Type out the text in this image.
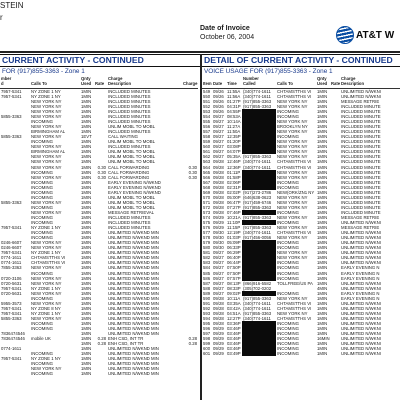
STEIN
r
Date of Invoice
October 06, 2004	AT&T W
CURRENT ACTIVITY - CONTINUED
FOR (917)855-3363 - Zone 1
mber
d	Calls To	Qnty
Used	Rate	Charge
Description	Charge
7957-5341	NY ZONE 1 NY	1MIN		INCLUDED MINUTES	
7957-5341	NY ZONE 1 NY	1MIN		INCLUDED MINUTES	
	NEW YORK NY	1MIN		INCLUDED MINUTES	
	NEW YORK NY	1MIN		INCLUDED MINUTES	
	NEW YORK NY	1MIN		INCLUDED MINUTES	
5855-3363	NEW YORK NY	1MIN		INCLUDED MINUTES	
	INCOMING	1MIN		INCLUDED MINUTES	
	NEW YORK NY	1MIN		UNLIM MOBL TO MOBL	
	BIRMINGHAM AL	1MIN		INCLUDED MINUTES	
5855-3363	NEW YORK NY	1EVT		CALL WAITING	
	INCOMING	1MIN		UNLIM MOBL TO MOBL	
	NEW YORK NY	1MIN		INCLUDED MINUTES	
	BIRMINGHAM AL	1MIN		UNLIM MOBL TO MOBL	
	NEW YORK NY	1MIN		UNLIM MOBL TO MOBL	
	NEW YORK NY	1MIN		UNLIM MOBL TO MOBL	
	NEW YORK NY	1MIN	0.30	CALL FORWARDING	0.30
	INCOMING	1MIN	0.30	CALL FORWARDING	0.30
	NEW YORK NY	1MIN	0.30	CALL FORWARDING	0.30
	INCOMING	1MIN		EARLY EVENING N/WKND	
	INCOMING	1MIN		EARLY EVENING N/WKND	
	INCOMING	1MIN		EARLY EVENING N/WKND	
	INCOMING	1MIN		UNLIM MOBL TO MOBL	
5855-3363	NEW YORK NY	1MIN		UNLIM MOBL TO MOBL	
	INCOMING	1MIN		UNLIM MOBL TO MOBL	
	NEW YORK NY	1MIN		MESSAGE RETRIEVAL	
	INCOMING	1MIN		INCLUDED MINUTES	
	INCOMING	1MIN		INCLUDED MINUTES	
7957-5341	NY ZONE 1 NY	1MIN		INCLUDED MINUTES	
	INCOMING	1MIN		UNLIMITED N/WKND MIN	
	INCOMING	1MIN		UNLIMITED N/WKND MIN	
0246-6607	NEW YORK NY	1MIN		UNLIMITED N/WKND MIN	
0246-6607	NEW YORK NY	1MIN		UNLIMITED N/WKND MIN	
7957-5341	NY ZONE 1 NY	1MIN		UNLIMITED N/WKND MIN	
0774-1611	CHTAMSTTHS VI	1MIN		UNLIMITED N/WKND MIN	
0774-1611	CHTAMSTTHS VI	1MIN		UNLIMITED N/WKND MIN	
7855-3363	NEW YORK NY	1MIN		UNLIMITED N/WKND MIN	
	INCOMING	1MIN		UNLIMITED N/WKND MIN	
0720-3106	NEW YORK NY	1MIN		UNLIMITED N/WKND MIN	
0720-5631	NEW YORK NY	1MIN		UNLIMITED N/WKND MIN	
7957-5341	NY ZONE 1 NY	1MIN		UNLIMITED N/WKND MIN	
0720-5631	NEW YORK NY	1MIN		UNLIMITED N/WKND MIN	
	INCOMING	1MIN		UNLIMITED N/WKND MIN	
5955-3573	NEW YORK NY	1MIN		UNLIMITED N/WKND MIN	
7957-5341	NY ZONE 8 NY	1MIN		UNLIMITED N/WKND MIN	
7957-5341	NY ZONE 1 NY	1MIN		UNLIMITED N/WKND MIN	
5855-3363	NEW YORK NY	1MIN		UNLIMITED N/WKND MIN	
	INCOMING	1MIN		UNLIMITED N/WKND MIN	
	INCOMING	1MIN		UNLIMITED N/WKND MIN	
7836474546		1MIN		UNLIMITED N/WKND MIN	
7836474546	mobile UK	1MIN	0.28	ENH CSD, INT TR	0.28
		1MIN	0.28	ENH CSD, INT TR	0.28
0774-1611		1MIN		UNLIMITED N/WKND MIN	
	INCOMING	1MIN		UNLIMITED N/WKND MIN	
7957-5341	NY ZONE 1 NY	1MIN		UNLIMITED N/WKND MIN	
	INCOMING	1MIN		UNLIMITED N/WKND MIN	
	NEW YORK NY	1MIN		UNLIMITED N/WKND MIN	
	INCOMING	1MIN		UNLIMITED N/WKND MIN	
DETAIL OF CURRENT ACTIVITY - CONTINUED
VOICE USAGE FOR (917)855-3363 - Zone 1
Item	Date	Time	Number
Called	Calls To	Qnty
Used	Rate	Charge
Description
549	09/26	11:55A	(340)774-1611	CHTAMSTTHS VI	1MIN		UNLIMITED N/WKNI
550	09/26	11:56A	(340)774-1611	CHTAMSTTHS VI	1MIN		UNLIMITED N/WKNI
551	09/26	01:27P	(917)855-3363	NEW YORK NY	1MIN		MESSAGE RETRIE
552	09/26	04:31P	(917)855-3363	NEW YORK NY	1MIN		INCLUDED MINUTE
553	09/26	04:55P		INCOMING	1MIN		INCLUDED MINUTE
554	09/27	08:53A		INCOMING	1MIN		INCLUDED MINUTE
555	09/27	10:14A		NEW YORK NY	1MIN		INCLUDED MINUTE
556	09/27	11:27A		BROOKLYN NY	1MIN		INCLUDED MINUTE
557	09/27	11:50A		NEW YORK NY	1MIN		INCLUDED MINUTE
558	09/27	12:35P		INCOMING	1MIN		INCLUDED MINUTE
559	09/27	01:20P		NEW YORK NY	1MIN		INCLUDED MINUTE
560	09/27	03:08P		NEW YORK NY	1MIN		INCLUDED MINUTE
561	09/27	04:07P		NEW YORK NY	1MIN		INCLUDED MINUTE
562	09/27	05:35A	(917)855-3363	NEW YORK NY	1MIN		INCLUDED MINUTE
563	09/28	12:46P	(340)774-1611	CHTAMSTTHS VI	1MIN		INCLUDED MINUTE
564	09/28	12:36P	(340)774-1611	CHTAMSTTHS VI	1MIN		INCLUDED MINUTE
565	09/28	01:11P		NEW YORK NY	1MIN		INCLUDED MINUTE
566	09/28	01:58P		NEW YORK NY	1MIN		INCLUDED MINUTE
567	09/28	02:06P		INCOMING	1MIN		INCLUDED MINUTE
568	09/28	02:31P		INCOMING	1MIN		INCLUDED MINUTE
569	09/28	02:02P	(917)273-2786	NEW(ORK/ZN1 NY	1MIN		INCLUDED MINUTE
570	09/28	05:00P	(646)638-0623	NEW YORK NY	1MIN		INCLUDED MINUTE
571	09/28	06:47P	(917)459-6746	NEW YORK NY	1MIN		INCLUDED MINUTE
572	09/28	07:27P	(917)855-3363	NEW YORK NY	1MIN		INCLUDED MINUTE
573	09/28	07:46P		INCOMING	1MIN		INCLUDED MINUTE
574	09/29	10:21A	(917)855-3363	NEW YORK NY	1MIN		MESSAGE RETRIE
575	09/29	11:10P		INCOMING	1MIN		UNLIMITED N/WKNI
576	09/29	11:15P	(917)855-3363	NEW YORK NY	1MIN		MESSAGE RETRIE
577	09/30	12:19P	(340)774-1611	CHTAMSTTHS VI	1MIN		UNLIMITED N/WKNI
578	09/30	01:03P	(917)456-0056	NEW YORK NY	1MIN		UNLIMITED N/WKNI
579	09/30	05:09P		INCOMING	1MIN		UNLIMITED N/WKNI
580	09/30	06:33P		INCOMING	1MIN		UNLIMITED N/WKNI
581	09/27	06:29P		NEW YORK NY	1MIN		UNLIMITED N/WKNI
582	09/27	06:40P		NEW YORK NY	1MIN		UNLIMITED N/WKNI
583	09/27	06:44P		INCOMING	1MIN		UNLIMITED N/WKNI
584	09/27	07:50P		INCOMING	1MIN		EARLY EVENING N
585	09/27	07:50P		INCOMING	1MIN		EARLY EVENING N
586	09/27	07:57P		INCOMING	1MIN		EARLY EVENING N
587	09/27	08:13P	(866)916-5582	TOLLFREE/US PA	1MIN		UNLIMITED N/WKNI
588	09/27	08:33P	(305)702-0202		4MIN		UNLIMITED N/WKNI
589	09/27	09:02P		INCOMING	1MIN		EARLY EVENING N
590	09/28	10:11A	(917)855-3363	NEW YORK NY	1MIN		EARLY EVENING N
591	09/28	03:35A	(340)774-1611	CHTAMSTTHS VI	1MIN		UNLIMITED N/WKNI
592	09/28	03:42A	(340)774-1611	CHTAMSTTHS VI	1MIN		UNLIMITED N/WKNI
593	09/28	04:51A	(917)855-3363	NEW YORK NY	1MIN		UNLIMITED N/WKNI
594	09/28	12:27P	(340)774-1611	CHTAMSTTHS VI	1MIN		UNLIMITED N/WKNI
595	09/28	03:36P		INCOMING	1MIN		UNLIMITED N/WKNI
596	09/29	03:46P		INCOMING	1MIN		UNLIMITED N/WKNI
597	09/29	03:46P		INCOMING	1MIN		UNLIMITED N/WKNI
598	09/29	03:46P		INCOMING	16MIN		UNLIMITED N/WKNI
599	09/29	03:46P		INCOMING	1MIN		UNLIMITED N/WKNI
600	09/29	03:46P		INCOMING	1MIN		UNLIMITED N/WKNI
601	09/29	03:49P		INCOMING	1MIN		UNLIMITED N/WKNI
